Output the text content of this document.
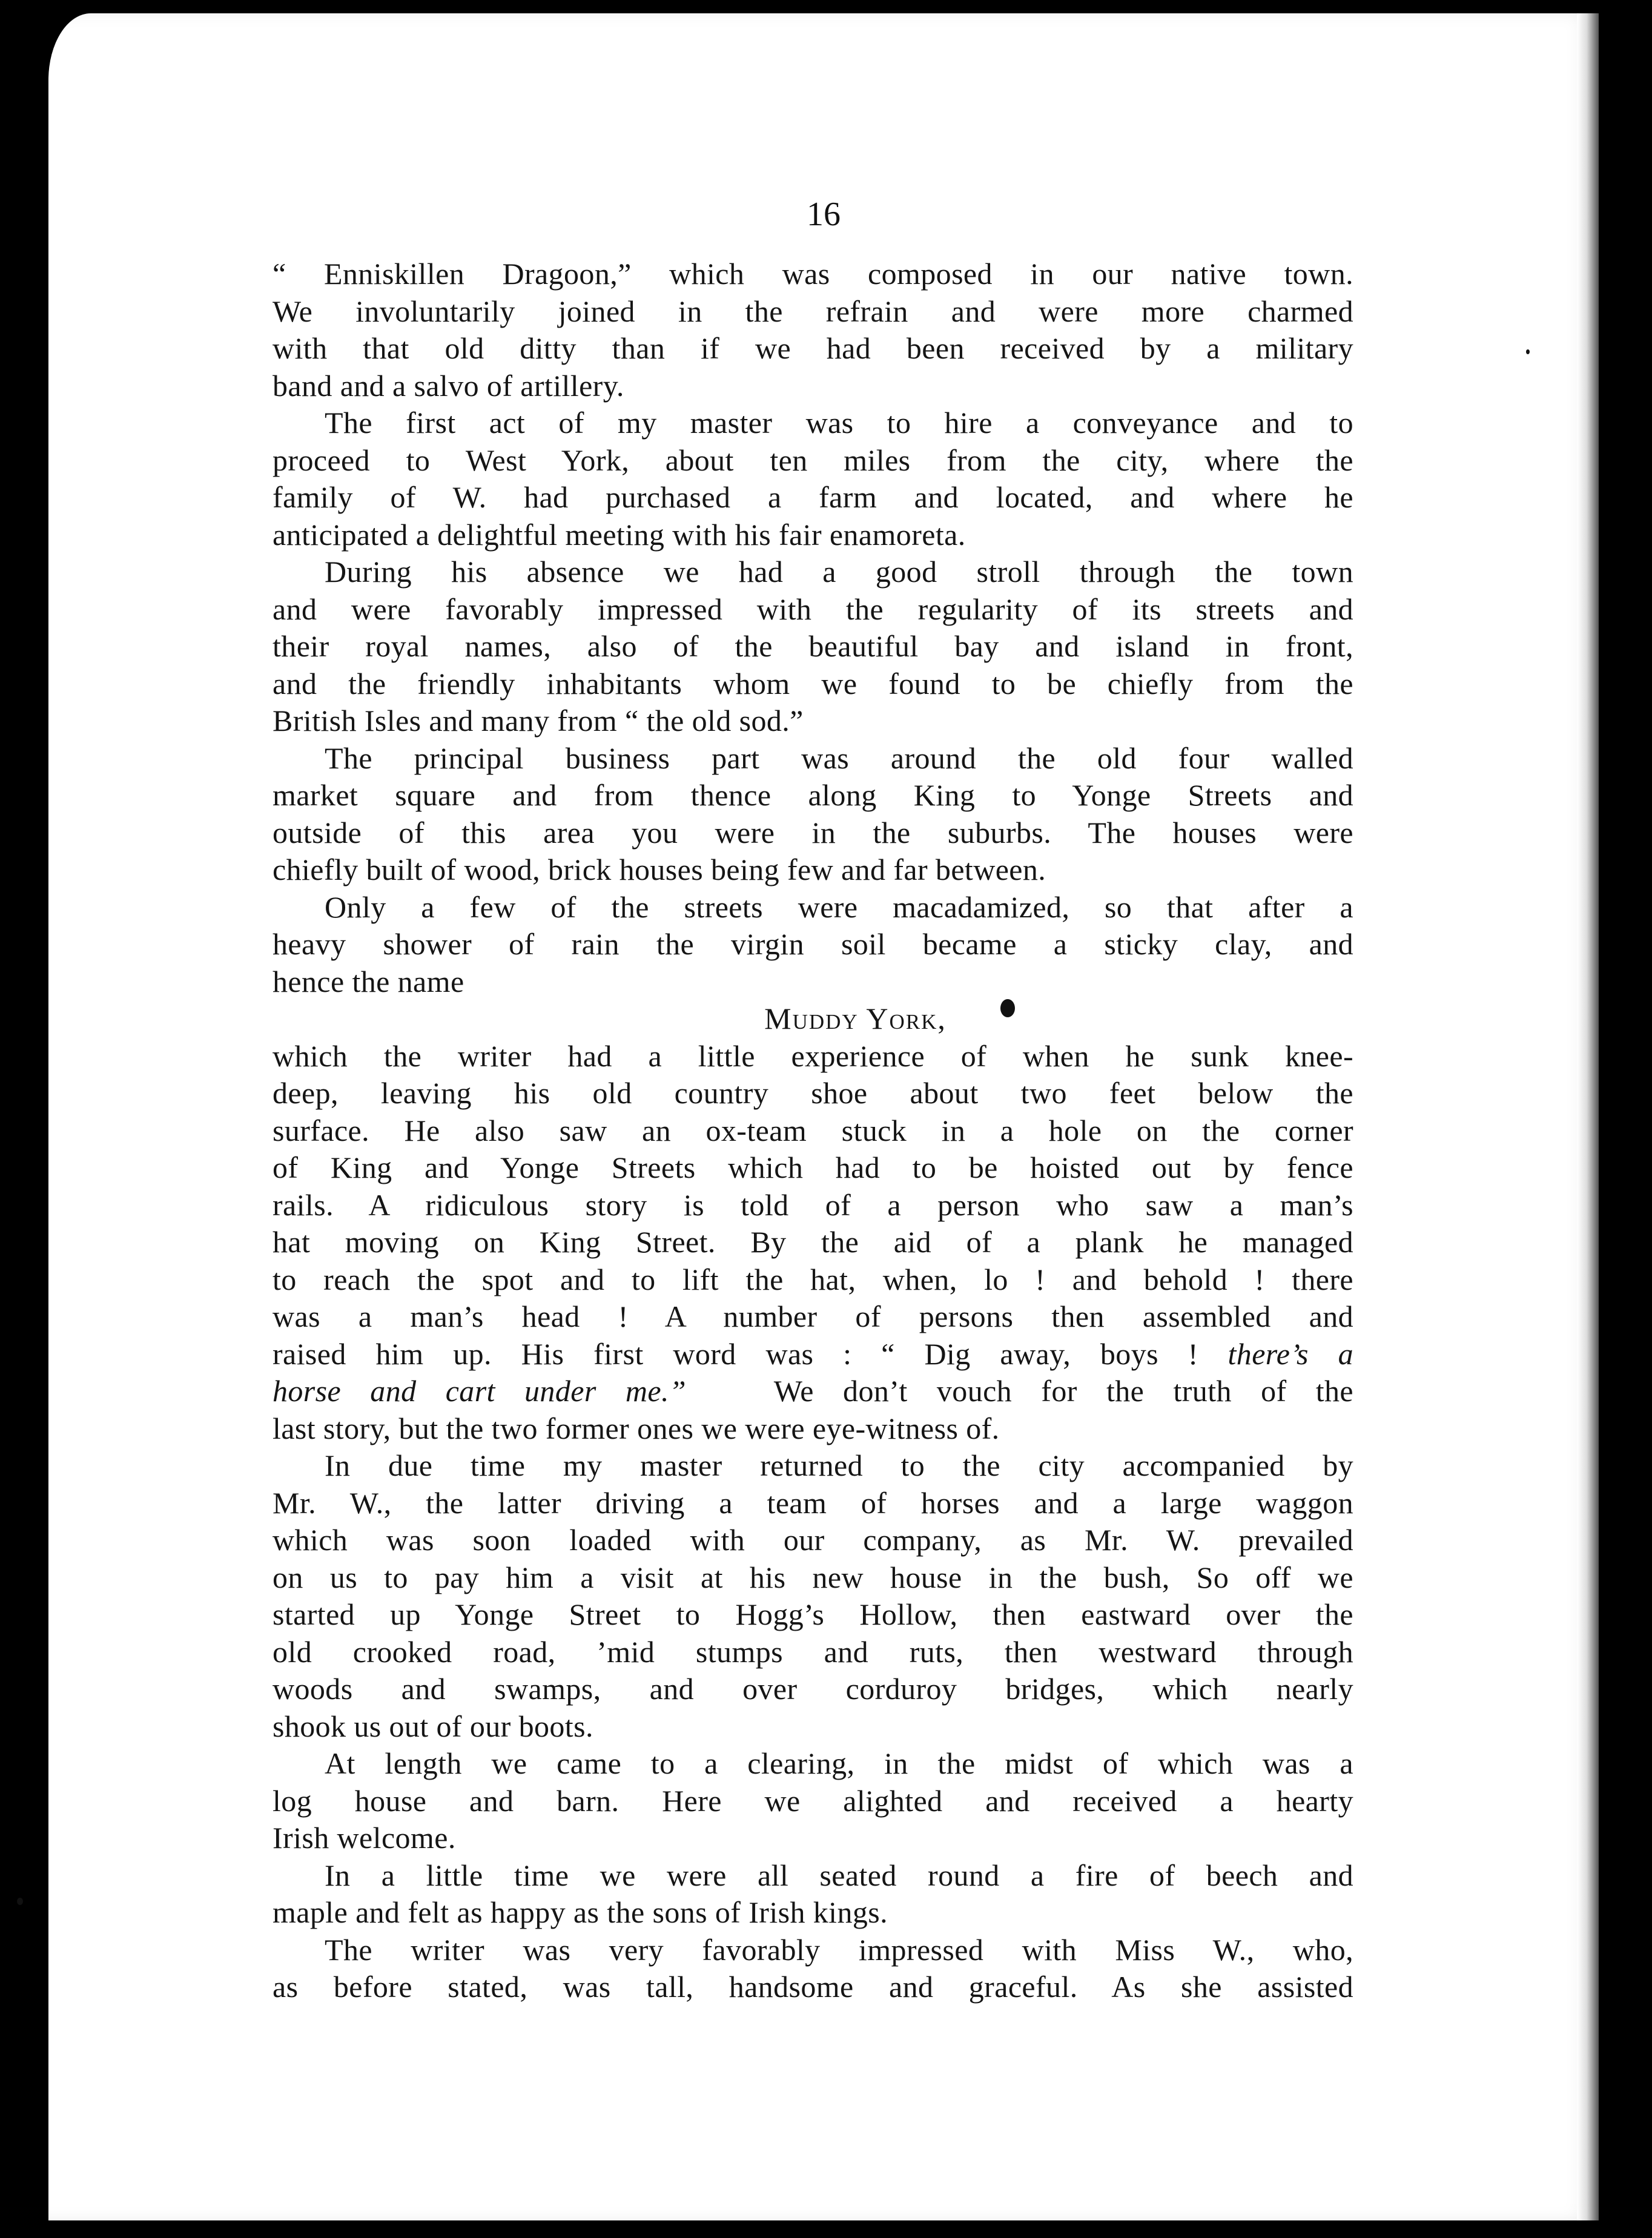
16
“ Enniskillen Dragoon,” which was composed in our native town.
We involuntarily joined in the refrain and were more charmed
with that old ditty than if we had been received by a military
band and a salvo of artillery.
The first act of my master was to hire a conveyance and to
proceed to West York, about ten miles from the city, where the
family of W. had purchased a farm and located, and where he
anticipated a delightful meeting with his fair enamoreta.
During his absence we had a good stroll through the town
and were favorably impressed with the regularity of its streets and
their royal names, also of the beautiful bay and island in front,
and the friendly inhabitants whom we found to be chiefly from the
British Isles and many from “ the old sod.”
The principal business part was around the old four walled
market square and from thence along King to Yonge Streets and
outside of this area you were in the suburbs. The houses were
chiefly built of wood, brick houses being few and far between.
Only a few of the streets were macadamized, so that after a
heavy shower of rain the virgin soil became a sticky clay, and
hence the name
Muddy York,
which the writer had a little experience of when he sunk knee-
deep, leaving his old country shoe about two feet below the
surface. He also saw an ox-team stuck in a hole on the corner
of King and Yonge Streets which had to be hoisted out by fence
rails. A ridiculous story is told of a person who saw a man’s
hat moving on King Street. By the aid of a plank he managed
to reach the spot and to lift the hat, when, lo ! and behold ! there
was a man’s head ! A number of persons then assembled and
raised him up. His first word was : “ Dig away, boys ! there’s a
horse and cart under me.”	We don’t vouch for the truth of the
last story, but the two former ones we were eye-witness of.
In due time my master returned to the city accompanied by
Mr. W., the latter driving a team of horses and a large waggon
which was soon loaded with our company, as Mr. W. prevailed
on us to pay him a visit at his new house in the bush, So off we
started up Yonge Street to Hogg’s Hollow, then eastward over the
old crooked road, ’mid stumps and ruts, then westward through
woods and swamps, and over corduroy bridges, which nearly
shook us out of our boots.
At length we came to a clearing, in the midst of which was a
log house and barn. Here we alighted and received a hearty
Irish welcome.
In a little time we were all seated round a fire of beech and
maple and felt as happy as the sons of Irish kings.
The writer was very favorably impressed with Miss W., who,
as before stated, was tall, handsome and graceful. As she assisted
